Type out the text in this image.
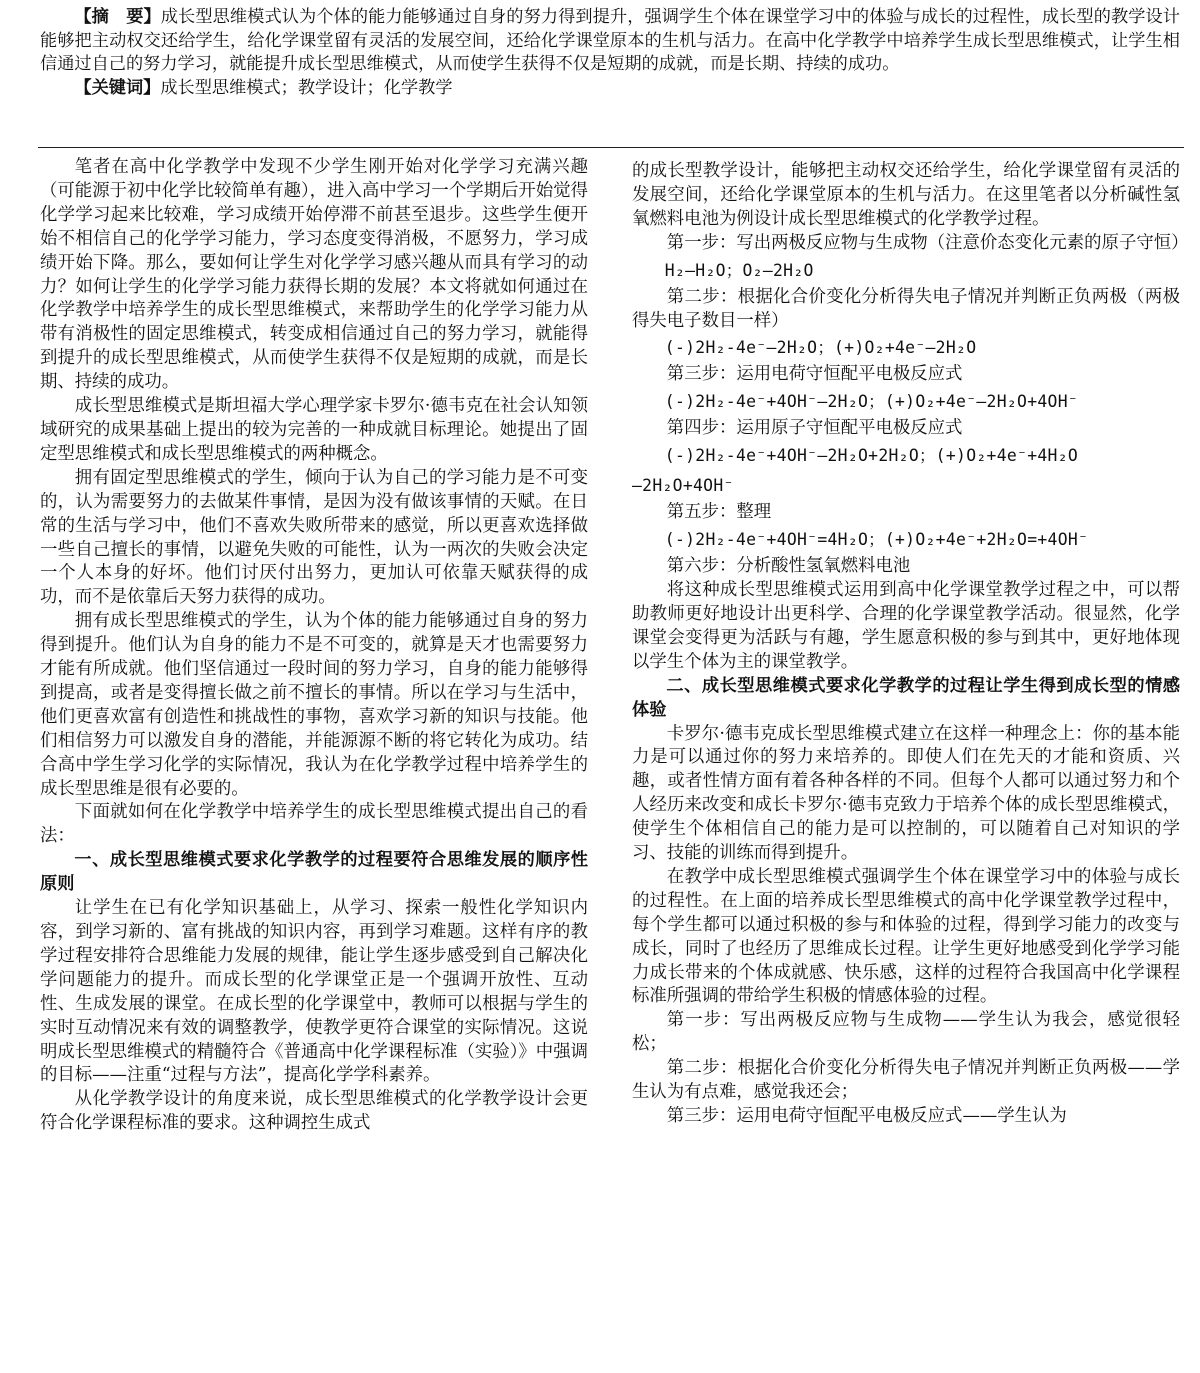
【摘　要】成长型思维模式认为个体的能力能够通过自身的努力得到提升，强调学生个体在课堂学习中的体验与成长的过程性，成长型的教学设计能够把主动权交还给学生，给化学课堂留有灵活的发展空间，还给化学课堂原本的生机与活力。在高中化学教学中培养学生成长型思维模式，让学生相信通过自己的努力学习，就能提升成长型思维模式，从而使学生获得不仅是短期的成就，而是长期、持续的成功。

【关键词】成长型思维模式；教学设计；化学教学

笔者在高中化学教学中发现不少学生刚开始对化学学习充满兴趣（可能源于初中化学比较简单有趣），进入高中学习一个学期后开始觉得化学学习起来比较难，学习成绩开始停滞不前甚至退步。这些学生便开始不相信自己的化学学习能力，学习态度变得消极，不愿努力，学习成绩开始下降。那么，要如何让学生对化学学习感兴趣从而具有学习的动力？如何让学生的化学学习能力获得长期的发展？本文将就如何通过在化学教学中培养学生的成长型思维模式，来帮助学生的化学学习能力从带有消极性的固定思维模式，转变成相信通过自己的努力学习，就能得到提升的成长型思维模式，从而使学生获得不仅是短期的成就，而是长期、持续的成功。

成长型思维模式是斯坦福大学心理学家卡罗尔·德韦克在社会认知领域研究的成果基础上提出的较为完善的一种成就目标理论。她提出了固定型思维模式和成长型思维模式的两种概念。

拥有固定型思维模式的学生，倾向于认为自己的学习能力是不可变的，认为需要努力的去做某件事情，是因为没有做该事情的天赋。在日常的生活与学习中，他们不喜欢失败所带来的感觉，所以更喜欢选择做一些自己擅长的事情，以避免失败的可能性，认为一两次的失败会决定一个人本身的好坏。他们讨厌付出努力，更加认可依靠天赋获得的成功，而不是依靠后天努力获得的成功。

拥有成长型思维模式的学生，认为个体的能力能够通过自身的努力得到提升。他们认为自身的能力不是不可变的，就算是天才也需要努力才能有所成就。他们坚信通过一段时间的努力学习，自身的能力能够得到提高，或者是变得擅长做之前不擅长的事情。所以在学习与生活中，他们更喜欢富有创造性和挑战性的事物，喜欢学习新的知识与技能。他们相信努力可以激发自身的潜能，并能源源不断的将它转化为成功。结合高中学生学习化学的实际情况，我认为在化学教学过程中培养学生的成长型思维是很有必要的。

下面就如何在化学教学中培养学生的成长型思维模式提出自己的看法：

一、成长型思维模式要求化学教学的过程要符合思维发展的顺序性原则

让学生在已有化学知识基础上，从学习、探索一般性化学知识内容，到学习新的、富有挑战的知识内容，再到学习难题。这样有序的教学过程安排符合思维能力发展的规律，能让学生逐步感受到自己解决化学问题能力的提升。而成长型的化学课堂正是一个强调开放性、互动性、生成发展的课堂。在成长型的化学课堂中，教师可以根据与学生的实时互动情况来有效的调整教学，使教学更符合课堂的实际情况。这说明成长型思维模式的精髓符合《普通高中化学课程标准（实验）》中强调的目标——注重“过程与方法”，提高化学学科素养。

从化学教学设计的角度来说，成长型思维模式的化学教学设计会更符合化学课程标准的要求。这种调控生成式

的成长型教学设计，能够把主动权交还给学生，给化学课堂留有灵活的发展空间，还给化学课堂原本的生机与活力。在这里笔者以分析碱性氢氧燃料电池为例设计成长型思维模式的化学教学过程。

第一步：写出两极反应物与生成物（注意价态变化元素的原子守恒）

H₂—H₂O；O₂—2H₂O

第二步：根据化合价变化分析得失电子情况并判断正负两极（两极得失电子数目一样）

(-)2H₂-4e⁻—2H₂O；(+)O₂+4e⁻—2H₂O

第三步：运用电荷守恒配平电极反应式

(-)2H₂-4e⁻+4OH⁻—2H₂O；(+)O₂+4e⁻—2H₂O+4OH⁻

第四步：运用原子守恒配平电极反应式

(-)2H₂-4e⁻+4OH⁻—2H₂O+2H₂O；(+)O₂+4e⁻+4H₂O

—2H₂O+4OH⁻

第五步：整理

(-)2H₂-4e⁻+4OH⁻=4H₂O；(+)O₂+4e⁻+2H₂O=+4OH⁻

第六步：分析酸性氢氧燃料电池

将这种成长型思维模式运用到高中化学课堂教学过程之中，可以帮助教师更好地设计出更科学、合理的化学课堂教学活动。很显然，化学课堂会变得更为活跃与有趣，学生愿意积极的参与到其中，更好地体现以学生个体为主的课堂教学。

二、成长型思维模式要求化学教学的过程让学生得到成长型的情感体验

卡罗尔·德韦克成长型思维模式建立在这样一种理念上：你的基本能力是可以通过你的努力来培养的。即使人们在先天的才能和资质、兴趣，或者性情方面有着各种各样的不同。但每个人都可以通过努力和个人经历来改变和成长卡罗尔·德韦克致力于培养个体的成长型思维模式，使学生个体相信自己的能力是可以控制的，可以随着自己对知识的学习、技能的训练而得到提升。

在教学中成长型思维模式强调学生个体在课堂学习中的体验与成长的过程性。在上面的培养成长型思维模式的高中化学课堂教学过程中，每个学生都可以通过积极的参与和体验的过程，得到学习能力的改变与成长，同时了也经历了思维成长过程。让学生更好地感受到化学学习能力成长带来的个体成就感、快乐感，这样的过程符合我国高中化学课程标准所强调的带给学生积极的情感体验的过程。

第一步：写出两极反应物与生成物——学生认为我会，感觉很轻松；

第二步：根据化合价变化分析得失电子情况并判断正负两极——学生认为有点难，感觉我还会；

第三步：运用电荷守恒配平电极反应式——学生认为
